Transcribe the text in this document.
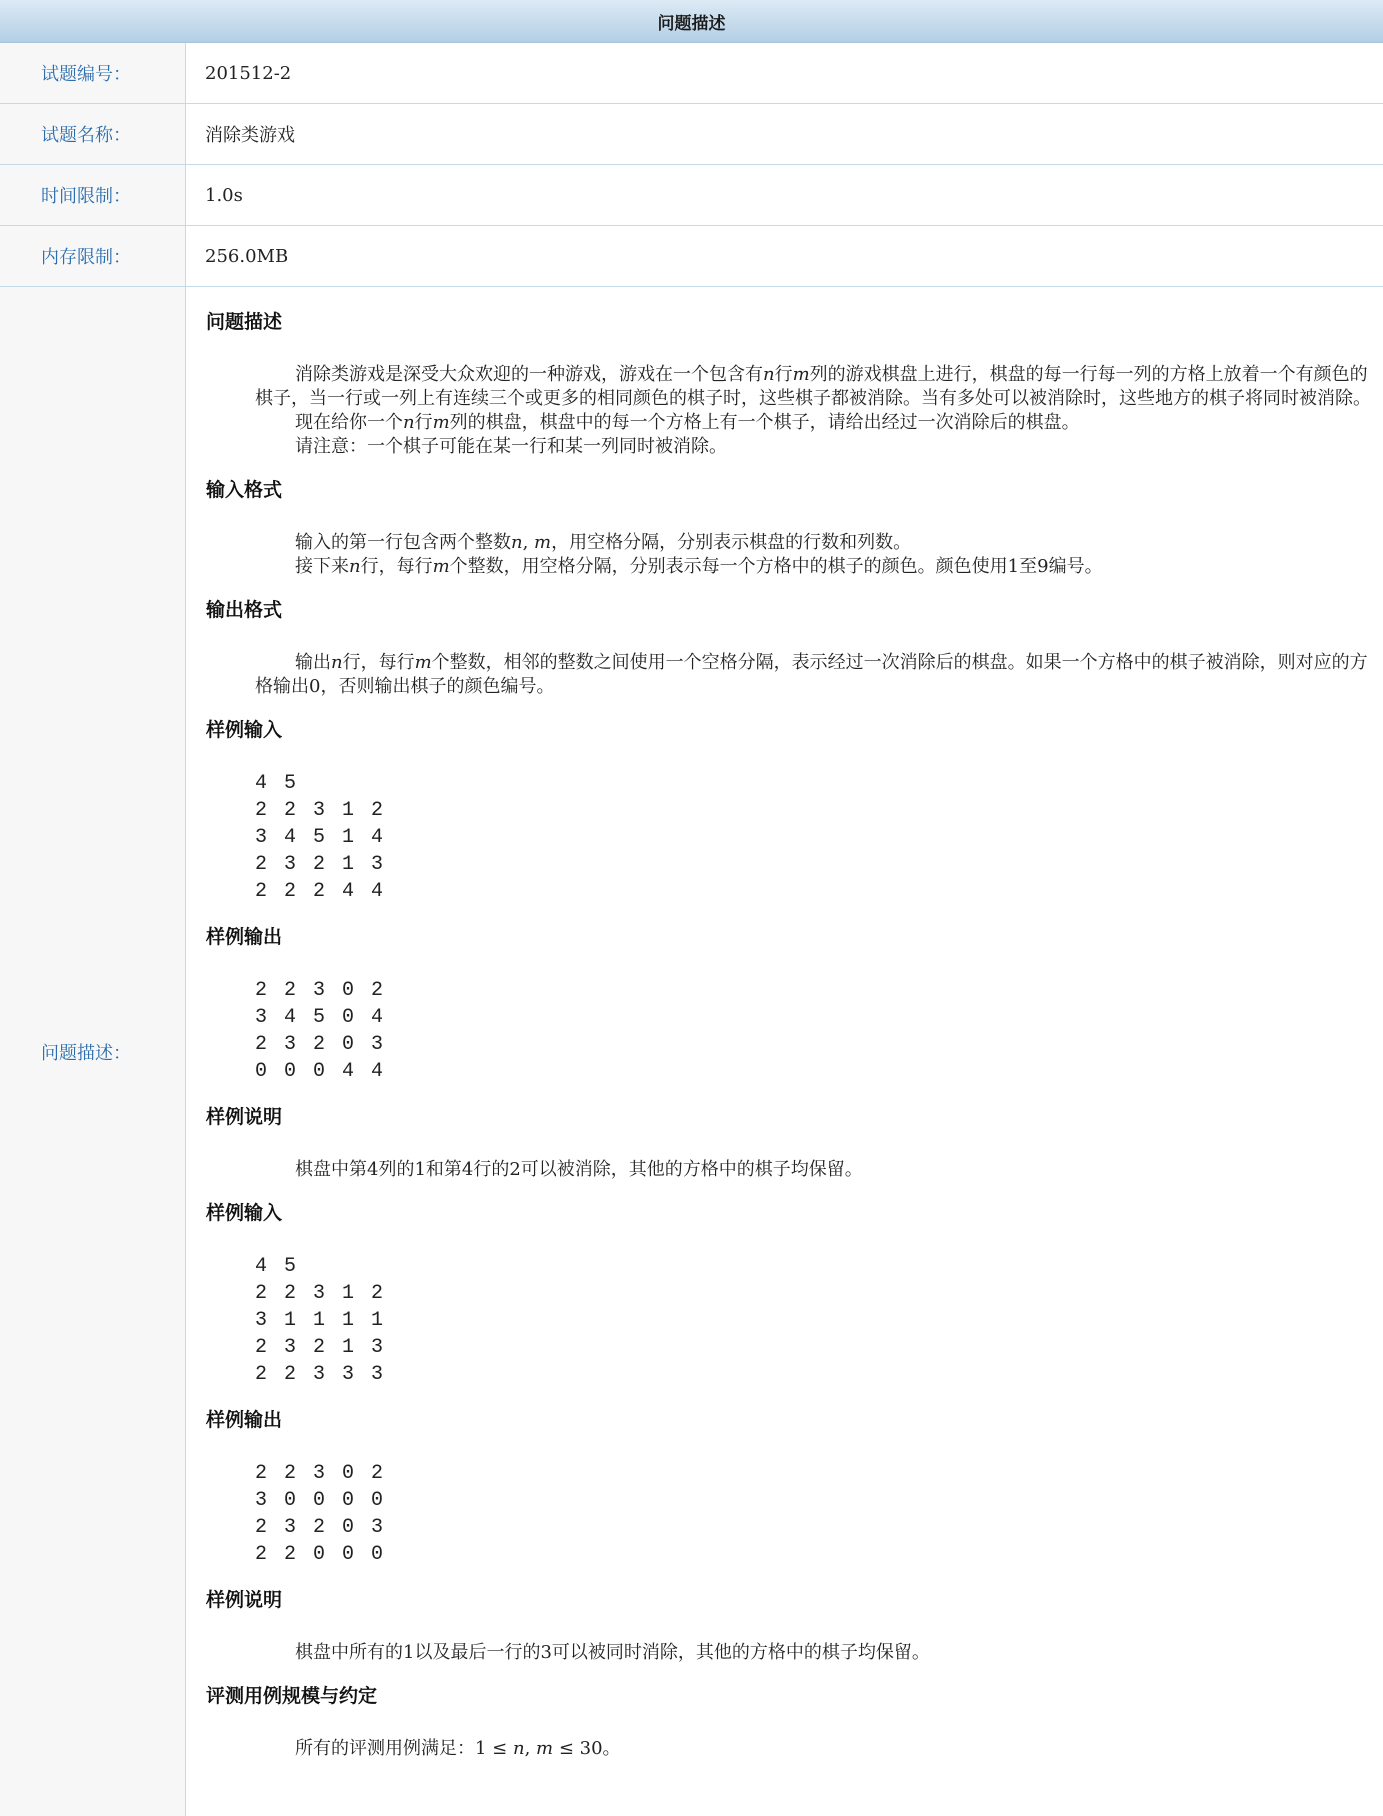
问题描述
试题编号：	201512-2
试题名称：	消除类游戏
时间限制：	1.0s
内存限制：	256.0MB
问题描述：
问题描述

消除类游戏是深受大众欢迎的一种游戏，游戏在一个包含有n行m列的游戏棋盘上进行，棋盘的每一行每一列的方格上放着一个有颜色的棋子，当一行或一列上有连续三个或更多的相同颜色的棋子时，这些棋子都被消除。当有多处可以被消除时，这些地方的棋子将同时被消除。

现在给你一个n行m列的棋盘，棋盘中的每一个方格上有一个棋子，请给出经过一次消除后的棋盘。

请注意：一个棋子可能在某一行和某一列同时被消除。

输入格式

输入的第一行包含两个整数n, m，用空格分隔，分别表示棋盘的行数和列数。

接下来n行，每行m个整数，用空格分隔，分别表示每一个方格中的棋子的颜色。颜色使用1至9编号。

输出格式

输出n行，每行m个整数，相邻的整数之间使用一个空格分隔，表示经过一次消除后的棋盘。如果一个方格中的棋子被消除，则对应的方格输出0，否则输出棋子的颜色编号。

样例输入
4 5
2 2 3 1 2
3 4 5 1 4
2 3 2 1 3
2 2 2 4 4
样例输出
2 2 3 0 2
3 4 5 0 4
2 3 2 0 3
0 0 0 4 4
样例说明

棋盘中第4列的1和第4行的2可以被消除，其他的方格中的棋子均保留。

样例输入
4 5
2 2 3 1 2
3 1 1 1 1
2 3 2 1 3
2 2 3 3 3
样例输出
2 2 3 0 2
3 0 0 0 0
2 3 2 0 3
2 2 0 0 0
样例说明

棋盘中所有的1以及最后一行的3可以被同时消除，其他的方格中的棋子均保留。

评测用例规模与约定

所有的评测用例满足：1 ≤ n, m ≤ 30。
